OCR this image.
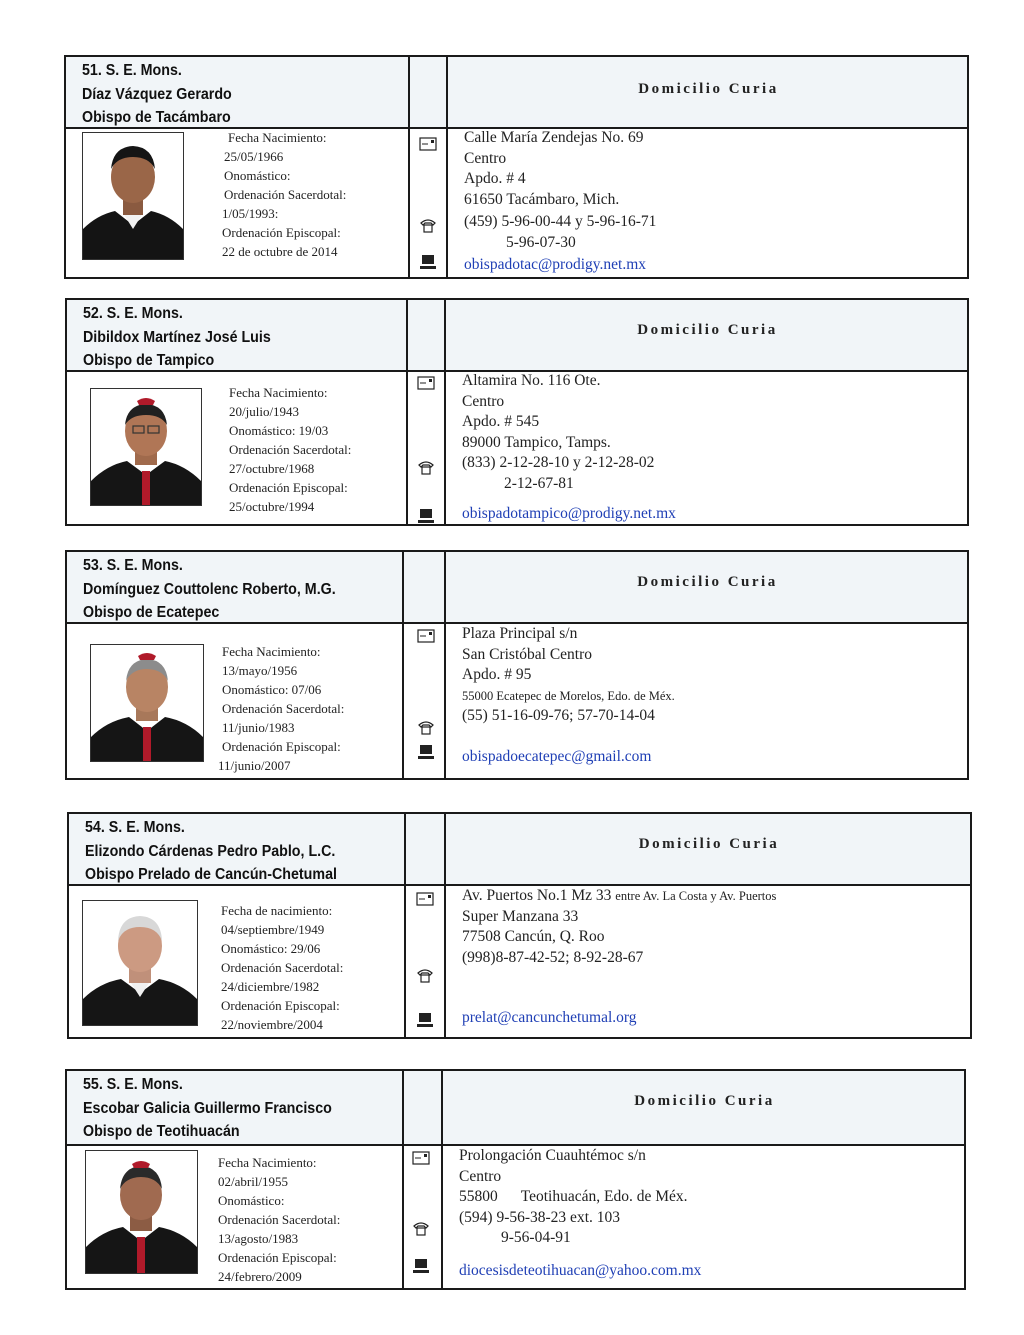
51. S. E. Mons.
Díaz Vázquez Gerardo
Obispo de Tacámbaro
Domicilio Curia
Fecha Nacimiento:
25/05/1966
Onomástico:
Ordenación Sacerdotal:
1/05/1993:
Ordenación Episcopal:
22 de octubre de 2014
Calle María Zendejas No. 69
Centro
Apdo. # 4
61650 Tacámbaro, Mich.
(459) 5-96-00-44 y 5-96-16-71
5-96-07-30
obispadotac@prodigy.net.mx
52. S. E. Mons.
Dibildox Martínez José Luis
Obispo de Tampico
Domicilio Curia
Fecha Nacimiento:
20/julio/1943
Onomástico: 19/03
Ordenación Sacerdotal:
27/octubre/1968
Ordenación Episcopal:
25/octubre/1994
Altamira No. 116 Ote.
Centro
Apdo. # 545
89000 Tampico, Tamps.
(833) 2-12-28-10 y 2-12-28-02
2-12-67-81
obispadotampico@prodigy.net.mx
53. S. E. Mons.
Domínguez Couttolenc Roberto, M.G.
Obispo de Ecatepec
Domicilio Curia
Fecha Nacimiento:
13/mayo/1956
Onomástico: 07/06
Ordenación Sacerdotal:
11/junio/1983
Ordenación Episcopal:
11/junio/2007
Plaza Principal s/n
San Cristóbal Centro
Apdo. # 95
55000 Ecatepec de Morelos, Edo. de Méx.
(55) 51-16-09-76; 57-70-14-04
obispadoecatepec@gmail.com
54. S. E. Mons.
Elizondo Cárdenas Pedro Pablo, L.C.
Obispo Prelado de Cancún-Chetumal
Domicilio Curia
Fecha de nacimiento:
04/septiembre/1949
Onomástico: 29/06
Ordenación Sacerdotal:
24/diciembre/1982
Ordenación Episcopal:
22/noviembre/2004
Av. Puertos No.1 Mz 33 entre Av. La Costa y Av. Puertos
Super Manzana 33
77508 Cancún, Q. Roo
(998)8-87-42-52; 8-92-28-67
prelat@cancunchetumal.org
55. S. E. Mons.
Escobar Galicia Guillermo Francisco
Obispo de Teotihuacán
Domicilio Curia
Fecha Nacimiento:
02/abril/1955
Onomástico:
Ordenación Sacerdotal:
13/agosto/1983
Ordenación Episcopal:
24/febrero/2009
Prolongación Cuauhtémoc s/n
Centro
55800      Teotihuacán, Edo. de Méx.
(594) 9-56-38-23 ext. 103
9-56-04-91
diocesisdeteotihuacan@yahoo.com.mx
